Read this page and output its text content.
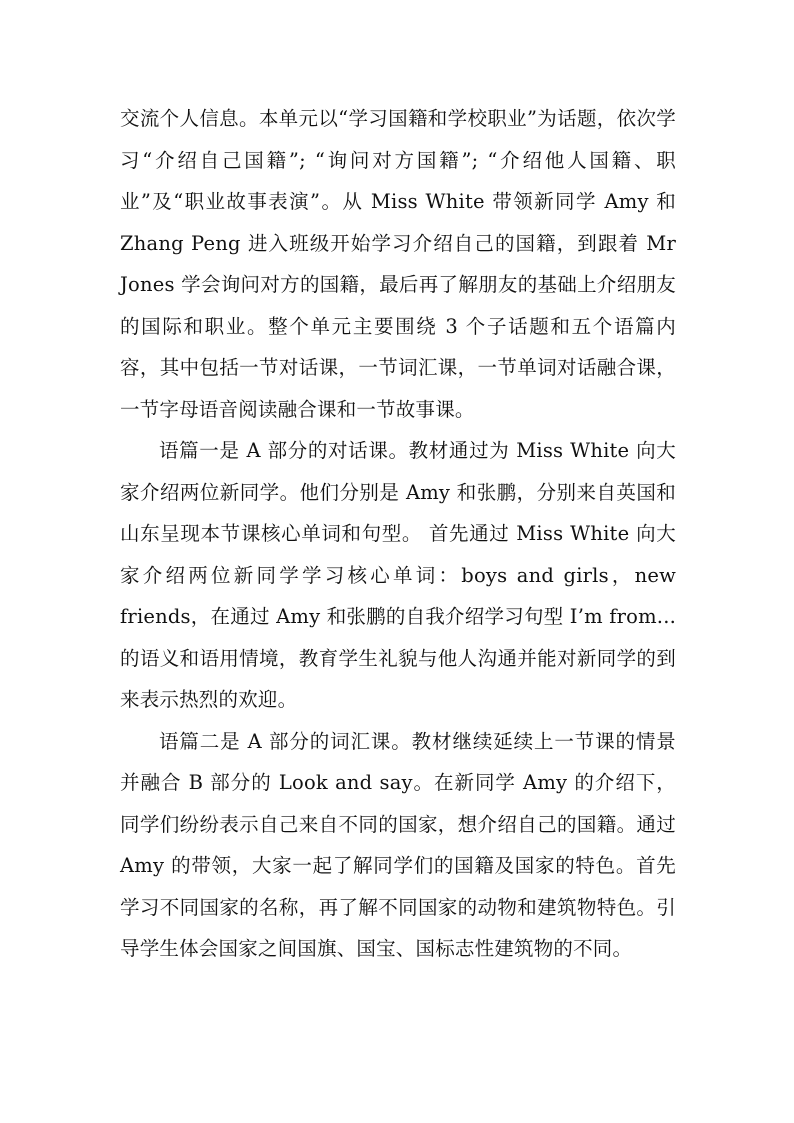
交流个人信息。本单元以“学习国籍和学校职业”为话题，依次学习“介绍自己国籍”; “询问对方国籍”; “介绍他人国籍、职业”及“职业故事表演”。从 Miss White 带领新同学 Amy 和 Zhang Peng 进入班级开始学习介绍自己的国籍，到跟着 Mr Jones 学会询问对方的国籍，最后再了解朋友的基础上介绍朋友的国际和职业。整个单元主要围绕 3 个子话题和五个语篇内容，其中包括一节对话课，一节词汇课，一节单词对话融合课，一节字母语音阅读融合课和一节故事课。

语篇一是 A 部分的对话课。教材通过为 Miss White 向大家介绍两位新同学。他们分别是 Amy 和张鹏，分别来自英国和山东呈现本节课核心单词和句型。 首先通过 Miss White 向大家介绍两位新同学学习核心单词：boys and girls，new friends，在通过 Amy 和张鹏的自我介绍学习句型 I’m from... 的语义和语用情境，教育学生礼貌与他人沟通并能对新同学的到来表示热烈的欢迎。

语篇二是 A 部分的词汇课。教材继续延续上一节课的情景并融合 B 部分的 Look and say。在新同学 Amy 的介绍下，同学们纷纷表示自己来自不同的国家，想介绍自己的国籍。通过 Amy 的带领，大家一起了解同学们的国籍及国家的特色。首先学习不同国家的名称，再了解不同国家的动物和建筑物特色。引导学生体会国家之间国旗、国宝、国标志性建筑物的不同。
